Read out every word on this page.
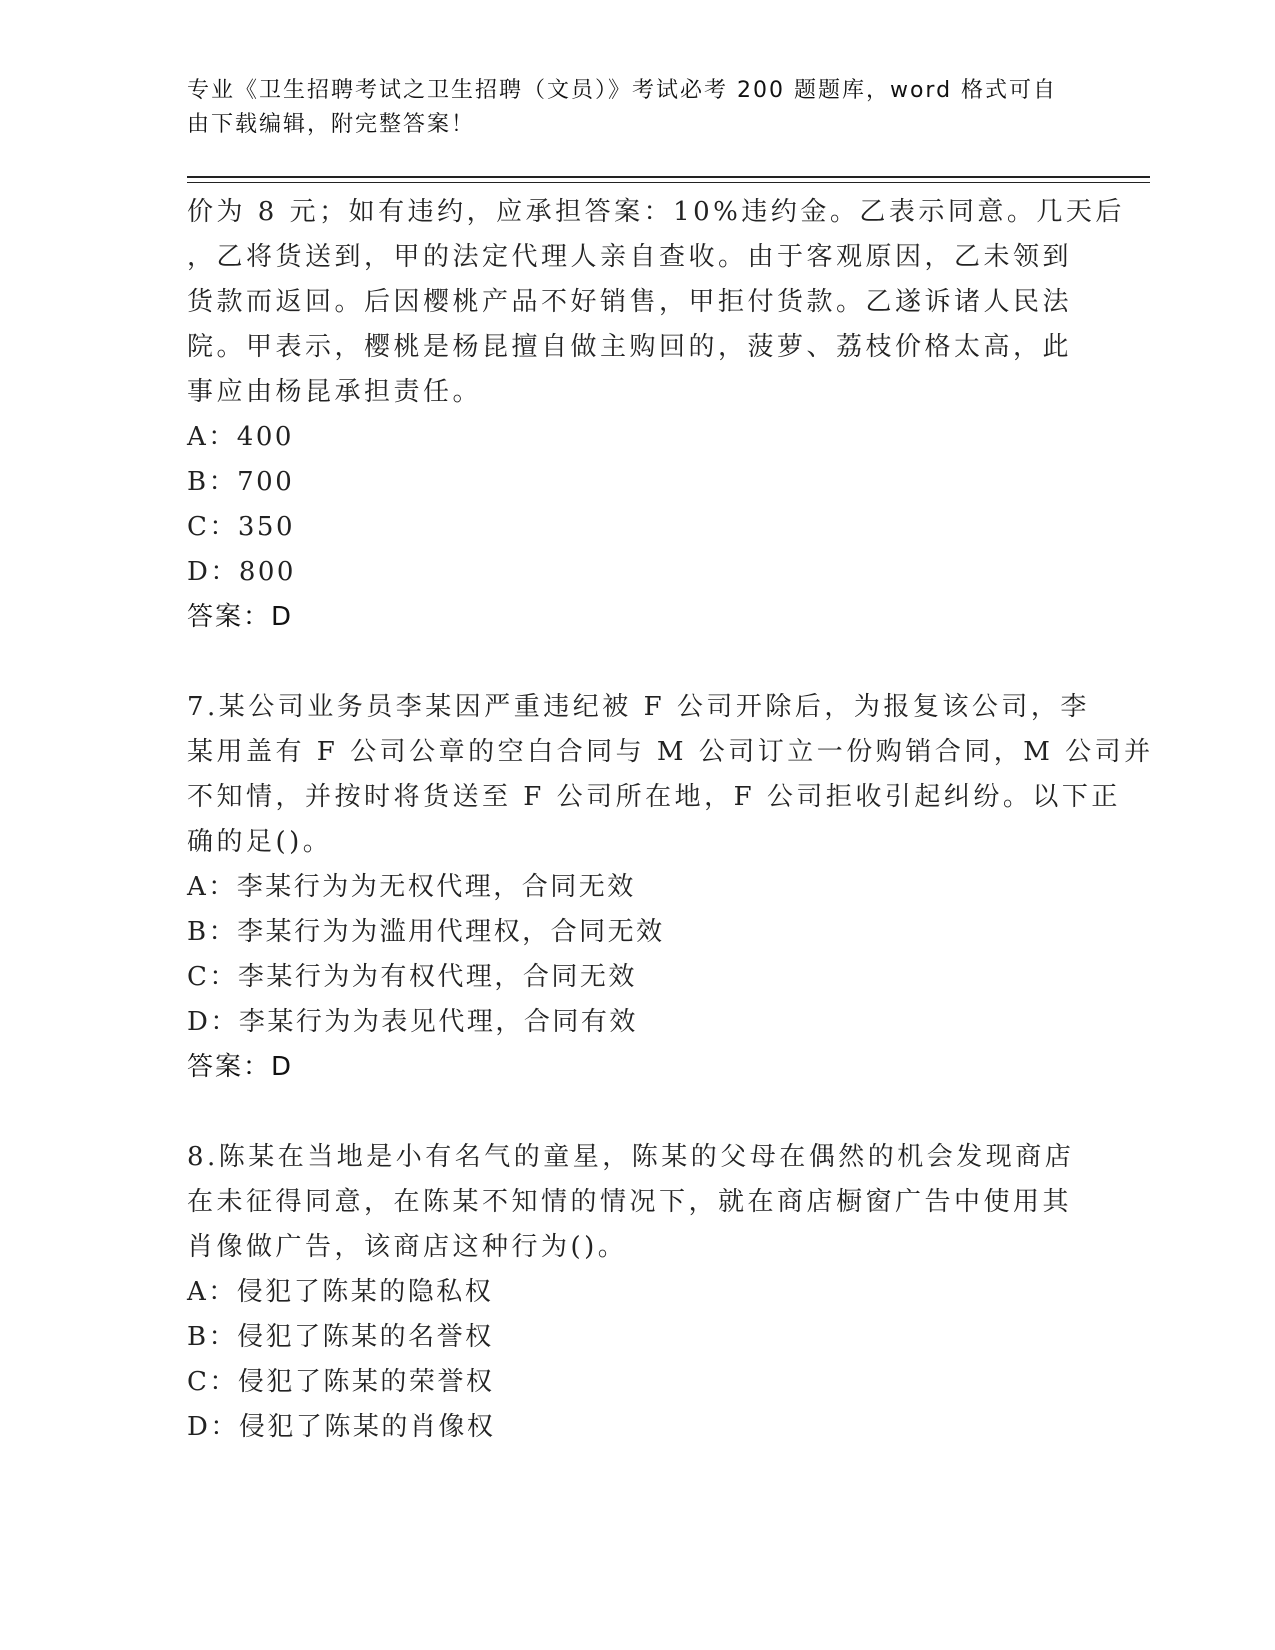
专业《卫生招聘考试之卫生招聘（文员）》考试必考 200 题题库，word 格式可自
由下载编辑，附完整答案！
价为 8 元；如有违约，应承担答案：10%违约金。乙表示同意。几天后
，乙将货送到，甲的法定代理人亲自查收。由于客观原因，乙未领到
货款而返回。后因樱桃产品不好销售，甲拒付货款。乙遂诉诸人民法
院。甲表示，樱桃是杨昆擅自做主购回的，菠萝、荔枝价格太高，此
事应由杨昆承担责任。
A：400
B：700
C：350
D：800
答案：D
7.某公司业务员李某因严重违纪被 F 公司开除后，为报复该公司，李
某用盖有 F 公司公章的空白合同与 M 公司订立一份购销合同，M 公司并
不知情，并按时将货送至 F 公司所在地，F 公司拒收引起纠纷。以下正
确的足()。
A：李某行为为无权代理，合同无效
B：李某行为为滥用代理权，合同无效
C：李某行为为有权代理，合同无效
D：李某行为为表见代理，合同有效
答案：D
8.陈某在当地是小有名气的童星，陈某的父母在偶然的机会发现商店
在未征得同意，在陈某不知情的情况下，就在商店橱窗广告中使用其
肖像做广告，该商店这种行为()。
A：侵犯了陈某的隐私权
B：侵犯了陈某的名誉权
C：侵犯了陈某的荣誉权
D：侵犯了陈某的肖像权
